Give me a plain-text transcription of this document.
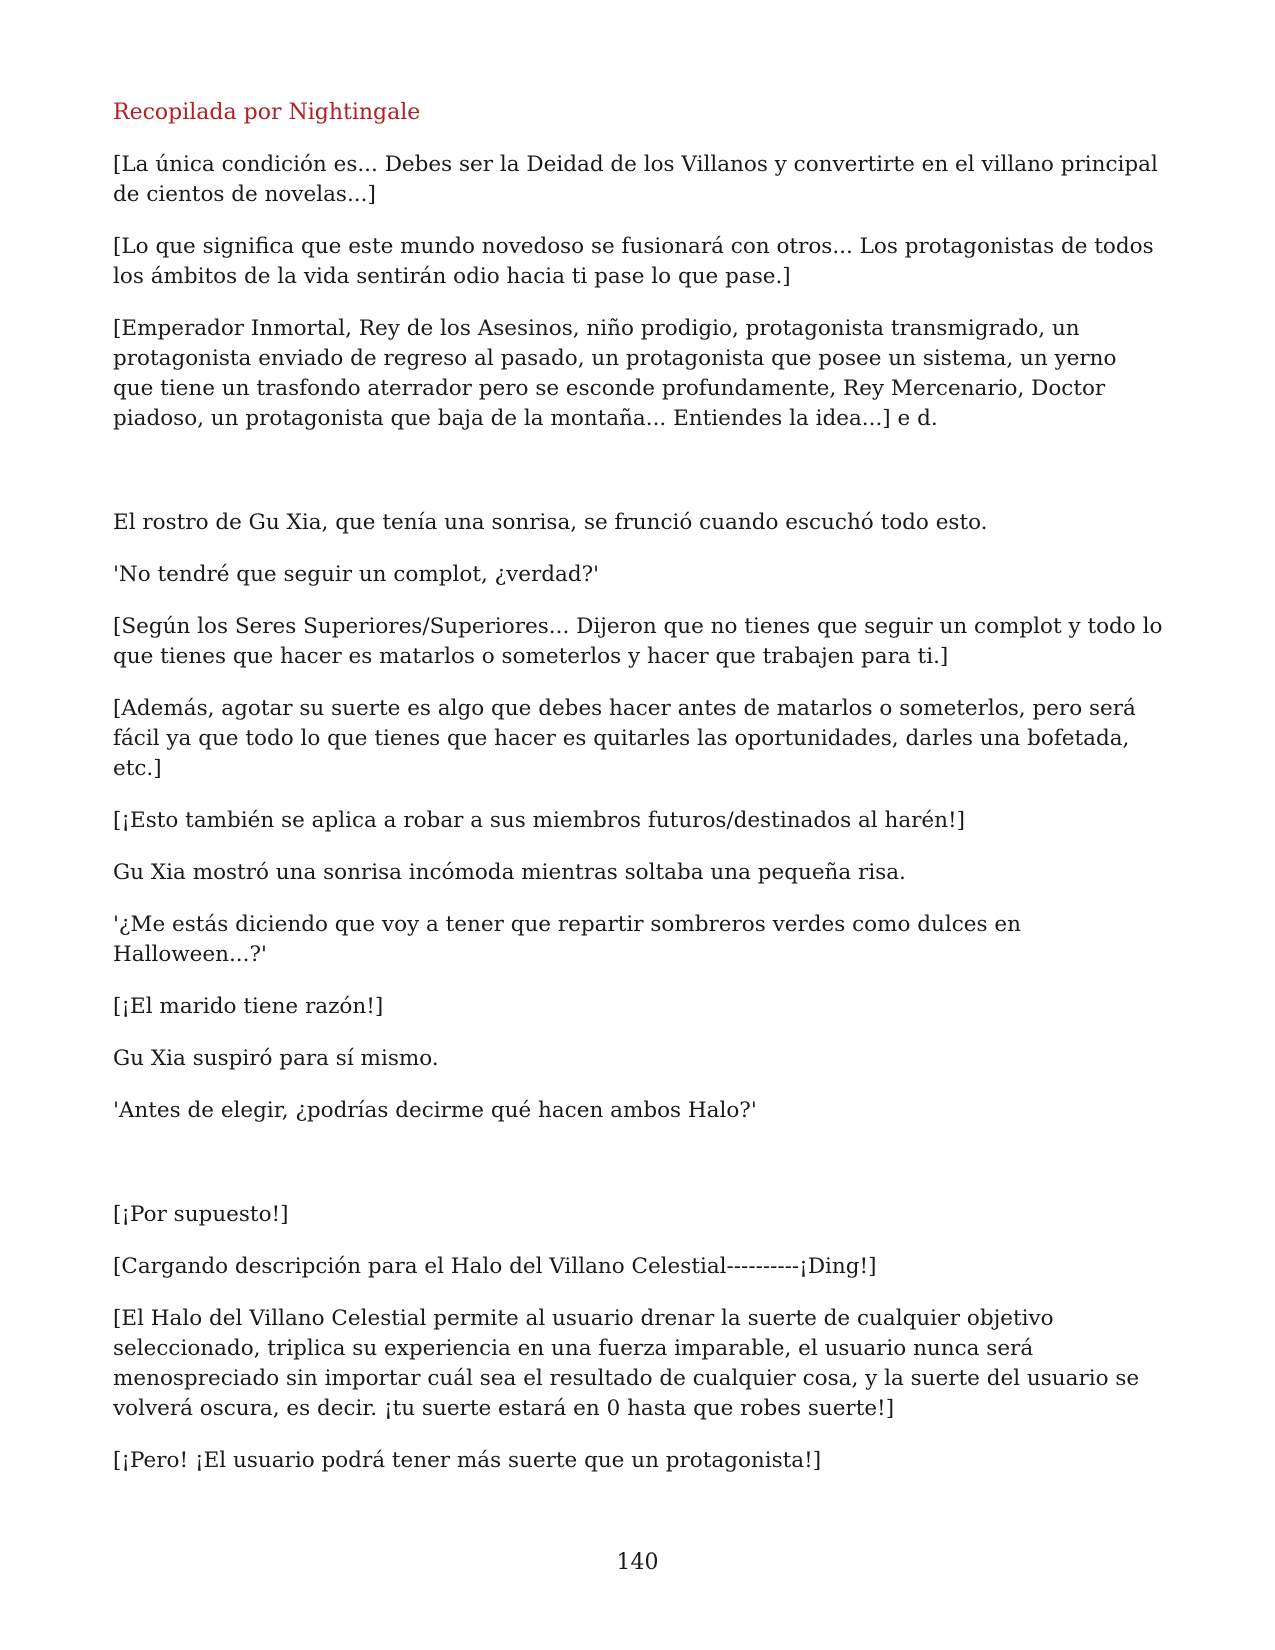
Recopilada por Nightingale

[La única condición es... Debes ser la Deidad de los Villanos y convertirte en el villano principal de cientos de novelas...]

[Lo que significa que este mundo novedoso se fusionará con otros... Los protagonistas de todos los ámbitos de la vida sentirán odio hacia ti pase lo que pase.]

[Emperador Inmortal, Rey de los Asesinos, niño prodigio, protagonista transmigrado, un protagonista enviado de regreso al pasado, un protagonista que posee un sistema, un yerno que tiene un trasfondo aterrador pero se esconde profundamente, Rey Mercenario, Doctor piadoso, un protagonista que baja de la montaña... Entiendes la idea...] ￼￼￼￼e ￼d. ￼￼￼

El rostro de Gu Xia, que tenía una sonrisa, se frunció cuando escuchó todo esto.

'No tendré que seguir un complot, ¿verdad?'

[Según los Seres Superiores/Superiores... Dijeron que no tienes que seguir un complot y todo lo que tienes que hacer es matarlos o someterlos y hacer que trabajen para ti.]

[Además, agotar su suerte es algo que debes hacer antes de matarlos o someterlos, pero será fácil ya que todo lo que tienes que hacer es quitarles las oportunidades, darles una bofetada, etc.]

[¡Esto también se aplica a robar a sus miembros futuros/destinados al harén!]

Gu Xia mostró una sonrisa incómoda mientras soltaba una pequeña risa.

'¿Me estás diciendo que voy a tener que repartir sombreros verdes como dulces en Halloween...?'

[¡El marido tiene razón!]

Gu Xia suspiró para sí mismo.

'Antes de elegir, ¿podrías decirme qué hacen ambos Halo?'

[¡Por supuesto!]

[Cargando descripción para el Halo del Villano Celestial----------¡Ding!]

[El Halo del Villano Celestial permite al usuario drenar la suerte de cualquier objetivo seleccionado, triplica su experiencia en una fuerza imparable, el usuario nunca será menospreciado sin importar cuál sea el resultado de cualquier cosa, y la suerte del usuario se volverá oscura, es decir. ¡tu suerte estará en 0 hasta que robes suerte!]

[¡Pero! ¡El usuario podrá tener más suerte que un protagonista!]

140
